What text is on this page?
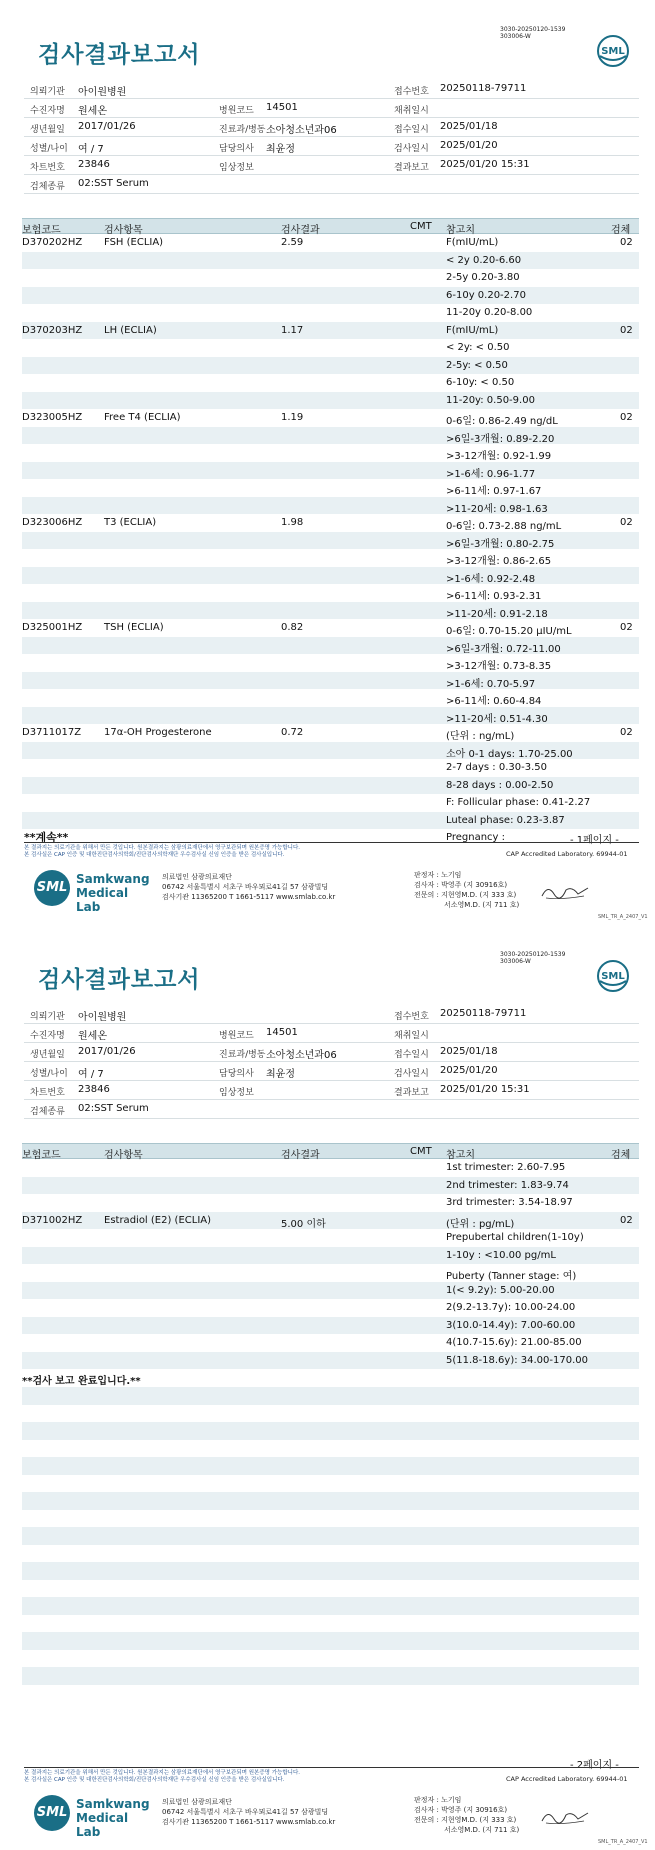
3030-20250120-1539
303006-W
검사결과보고서	SML
의뢰기관 아이원병원	접수번호 20250118-79711
수진자명 원세온	병원코드 14501	채취일시
생년월일 2017/01/26	진료과/병동 소아청소년과06	접수일시 2025/01/18
성별/나이 여 / 7	담당의사 최윤정	검사일시 2025/01/20
차트번호 23846	임상정보	결과보고 2025/01/20 15:31
검체종류 02:SST Serum
보험코드	검사항목	검사결과	CMT 참고치	검체
D370202HZ FSH (ECLIA)	2.59	F(mIU/mL)	02
< 2y 0.20-6.60
2-5y 0.20-3.80
6-10y 0.20-2.70
11-20y 0.20-8.00
D370203HZ LH (ECLIA)	1.17	F(mIU/mL)	02
< 2y: < 0.50
2-5y: < 0.50
6-10y: < 0.50
11-20y: 0.50-9.00
D323005HZ Free T4 (ECLIA)	1.19	0-6일: 0.86-2.49 ng/dL	02
>6일-3개월: 0.89-2.20
>3-12개월: 0.92-1.99
>1-6세: 0.96-1.77
>6-11세: 0.97-1.67
>11-20세: 0.98-1.63
D323006HZ T3 (ECLIA)	1.98	0-6일: 0.73-2.88 ng/mL	02
>6일-3개월: 0.80-2.75
>3-12개월: 0.86-2.65
>1-6세: 0.92-2.48
>6-11세: 0.93-2.31
>11-20세: 0.91-2.18
D325001HZ TSH (ECLIA)	0.82	0-6일: 0.70-15.20 μIU/mL	02
>6일-3개월: 0.72-11.00
>3-12개월: 0.73-8.35
>1-6세: 0.70-5.97
>6-11세: 0.60-4.84
>11-20세: 0.51-4.30
D3711017Z 17α-OH Progesterone	0.72	(단위 : ng/mL)	02
소아 0-1 days: 1.70-25.00
2-7 days : 0.30-3.50
8-28 days : 0.00-2.50
F: Follicular phase: 0.41-2.27
Luteal phase: 0.23-3.87
Pregnancy :
**계속**	- 1페이지 -
본 결과지는 의료기관을 위해서 만든 것입니다. 원본결과지는 삼광의료재단에서 영구보관되며 원본증명 가능합니다.
본 검사실은 CAP 인증 및 대한진단검사의학회/진단검사의학재단 우수검사실 신임 인증을 받은 검사실입니다.	CAP Accredited Laboratory. 69944-01
SML
Samkwang
Medical Lab
의료법인 삼광의료재단
06742 서울특별시 서초구 바우뫼로41길 57 삼광빌딩
검사기관 11365200 T 1661-5117 www.smlab.co.kr
판정자 : 노기임
검사자 : 박영주 (지 30916호)
전문의 : 지현영M.D. (지 333 호)
서소영M.D. (지 711 호)
SML_TR_A_2407_V1
3030-20250120-1539
303006-W
검사결과보고서	SML
의뢰기관 아이원병원	접수번호 20250118-79711
수진자명 원세온	병원코드 14501	채취일시
생년월일 2017/01/26	진료과/병동 소아청소년과06	접수일시 2025/01/18
성별/나이 여 / 7	담당의사 최윤정	검사일시 2025/01/20
차트번호 23846	임상정보	결과보고 2025/01/20 15:31
검체종류 02:SST Serum
보험코드	검사항목	검사결과	CMT 참고치	검체
1st trimester: 2.60-7.95
2nd trimester: 1.83-9.74
3rd trimester: 3.54-18.97
D371002HZ Estradiol (E2) (ECLIA)	5.00 이하	(단위 : pg/mL)	02
Prepubertal children(1-10y)
1-10y : <10.00 pg/mL
Puberty (Tanner stage: 여)
1(< 9.2y): 5.00-20.00
2(9.2-13.7y): 10.00-24.00
3(10.0-14.4y): 7.00-60.00
4(10.7-15.6y): 21.00-85.00
5(11.8-18.6y): 34.00-170.00
**검사 보고 완료입니다.**
- 2페이지 -
본 결과지는 의료기관을 위해서 만든 것입니다. 원본결과지는 삼광의료재단에서 영구보관되며 원본증명 가능합니다.
본 검사실은 CAP 인증 및 대한진단검사의학회/진단검사의학재단 우수검사실 신임 인증을 받은 검사실입니다.	CAP Accredited Laboratory. 69944-01
SML
Samkwang
Medical Lab
의료법인 삼광의료재단
06742 서울특별시 서초구 바우뫼로41길 57 삼광빌딩
검사기관 11365200 T 1661-5117 www.smlab.co.kr
판정자 : 노기임
검사자 : 박영주 (지 30916호)
전문의 : 지현영M.D. (지 333 호)
서소영M.D. (지 711 호)
SML_TR_A_2407_V1
